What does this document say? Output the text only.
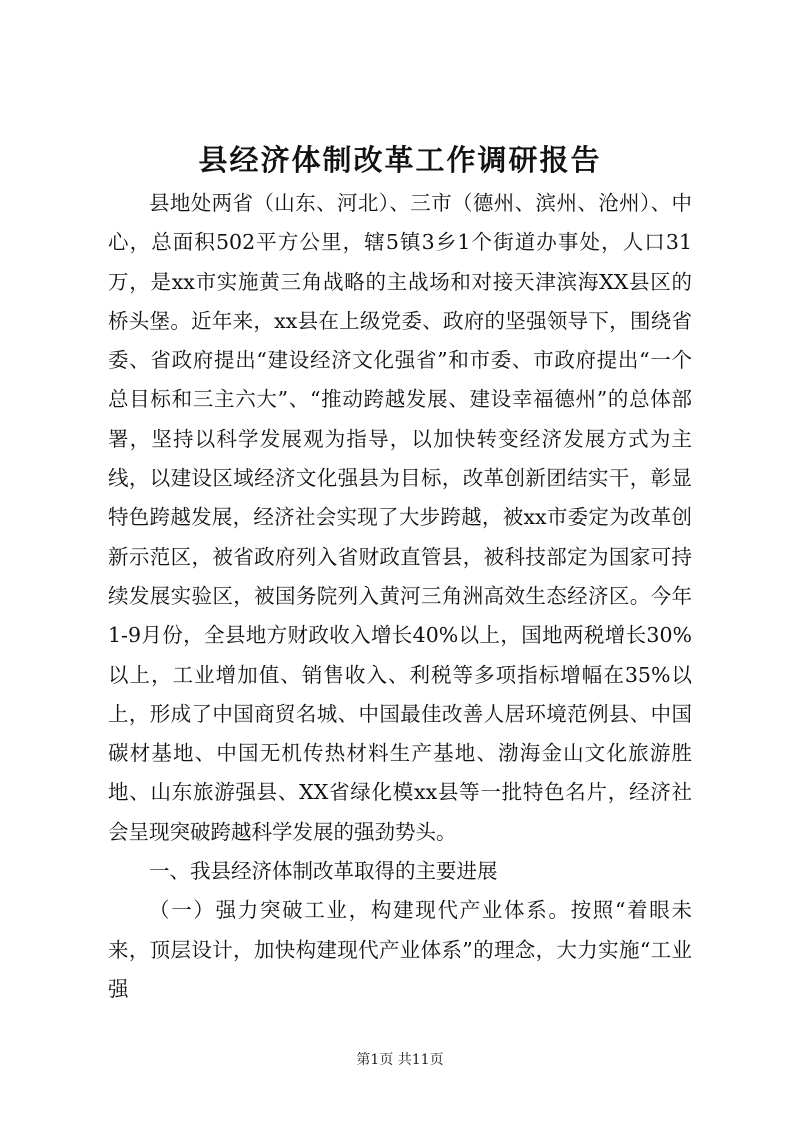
县经济体制改革工作调研报告

县地处两省（山东、河北）、三市（德州、滨州、沧州）、中心，总面积502平方公里，辖5镇3乡1个街道办事处，人口31万，是xx市实施黄三角战略的主战场和对接天津滨海XX县区的桥头堡。近年来，xx县在上级党委、政府的坚强领导下，围绕省委、省政府提出“建设经济文化强省”和市委、市政府提出“一个总目标和三主六大”、“推动跨越发展、建设幸福德州”的总体部署，坚持以科学发展观为指导，以加快转变经济发展方式为主线，以建设区域经济文化强县为目标，改革创新团结实干，彰显特色跨越发展，经济社会实现了大步跨越，被xx市委定为改革创新示范区，被省政府列入省财政直管县，被科技部定为国家可持续发展实验区，被国务院列入黄河三角洲高效生态经济区。今年1-9月份，全县地方财政收入增长40%以上，国地两税增长30%以上，工业增加值、销售收入、利税等多项指标增幅在35%以上，形成了中国商贸名城、中国最佳改善人居环境范例县、中国碳材基地、中国无机传热材料生产基地、渤海金山文化旅游胜地、山东旅游强县、XX省绿化模xx县等一批特色名片，经济社会呈现突破跨越科学发展的强劲势头。

一、我县经济体制改革取得的主要进展

（一）强力突破工业，构建现代产业体系。按照“着眼未来，顶层设计，加快构建现代产业体系”的理念，大力实施“工业强

第1页 共11页
